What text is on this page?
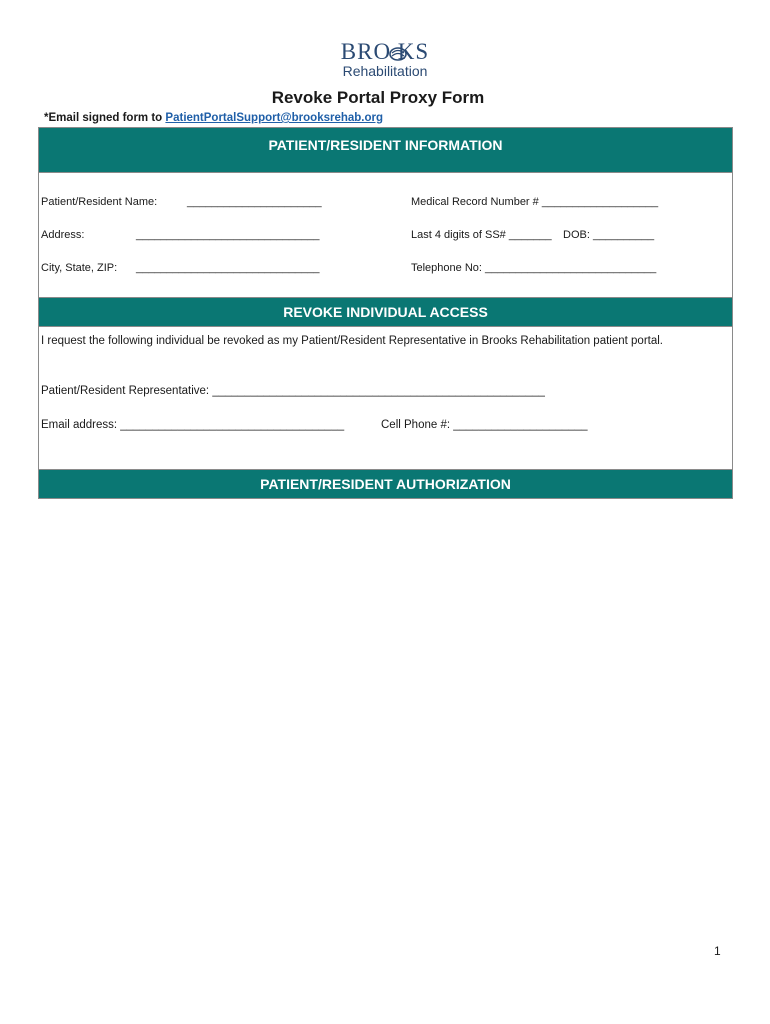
BRO KS
Rehabilitation
Revoke Portal Proxy Form
*Email signed form to PatientPortalSupport@brooksrehab.org
PATIENT/RESIDENT INFORMATION
Patient/Resident Name:	______________________	Medical Record Number # ___________________
Address:	______________________________	Last 4 digits of SS# _______ DOB: __________
City, State, ZIP: ______________________________	Telephone No: ____________________________
REVOKE INDIVIDUAL ACCESS
I request the following individual be revoked as my Patient/Resident Representative in Brooks Rehabilitation patient portal.
Patient/Resident Representative: ____________________________________________________
Email address: ___________________________________	Cell Phone #: _____________________
PATIENT/RESIDENT AUTHORIZATION
1
